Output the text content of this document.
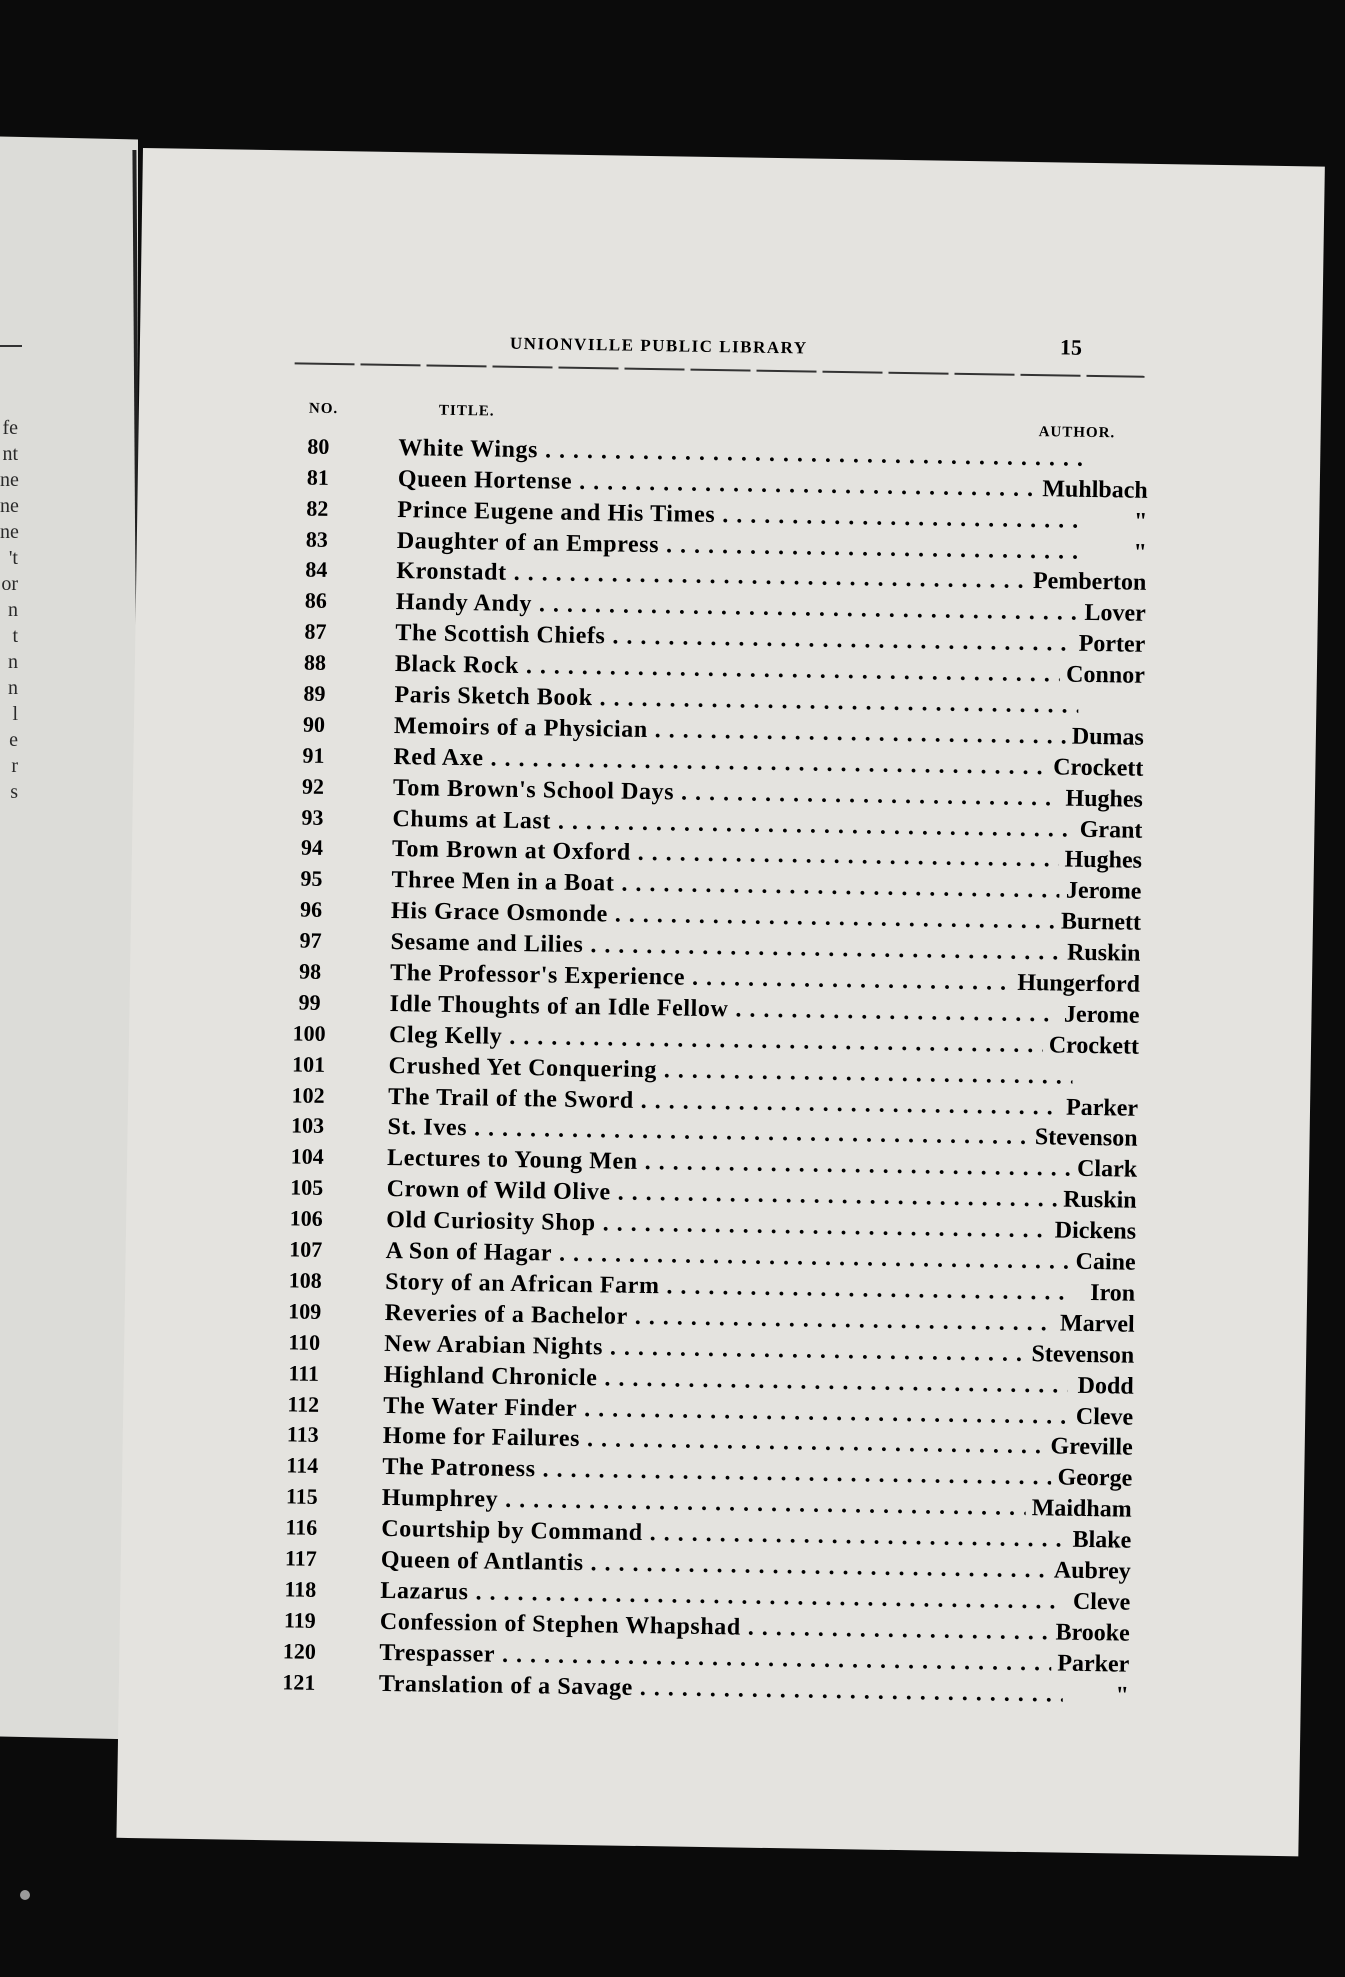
fe
nt
ne
ne
ne
't
or
n
t
n
n
l
e
r
s
UNIONVILLE PUBLIC LIBRARY	15
NO.	TITLE.
AUTHOR.
80	White Wings . . .
81	Queen Hortense . . .	Muhlbach
82	Prince Eugene and His Times . . .	"
83	Daughter of an Empress . . .	"
84	Kronstadt . . .	Pemberton
86	Handy Andy . . .	Lover
87	The Scottish Chiefs . . .	Porter
88	Black Rock . . .	Connor
89	Paris Sketch Book . . .
90	Memoirs of a Physician . . .	Dumas
91	Red Axe . . .	Crockett
92	Tom Brown's School Days . . .	Hughes
93	Chums at Last . . .	Grant
94	Tom Brown at Oxford . . .	Hughes
95	Three Men in a Boat . . .	Jerome
96	His Grace Osmonde . . .	Burnett
97	Sesame and Lilies . . .	Ruskin
98	The Professor's Experience . . .	Hungerford
99	Idle Thoughts of an Idle Fellow . . .	Jerome
100	Cleg Kelly . . .	Crockett
101	Crushed Yet Conquering . . .
102	The Trail of the Sword . . .	Parker
103	St. Ives . . .	Stevenson
104	Lectures to Young Men . . .	Clark
105	Crown of Wild Olive . . .	Ruskin
106	Old Curiosity Shop . . .	Dickens
107	A Son of Hagar . . .	Caine
108	Story of an African Farm . . .	Iron
109	Reveries of a Bachelor . . .	Marvel
110	New Arabian Nights . . .	Stevenson
111	Highland Chronicle . . .	Dodd
112	The Water Finder . . .	Cleve
113	Home for Failures . . .	Greville
114	The Patroness . . .	George
115	Humphrey . . .	Maidham
116	Courtship by Command . . .	Blake
117	Queen of Antlantis . . .	Aubrey
118	Lazarus . . .	Cleve
119	Confession of Stephen Whapshad . . .	Brooke
120	Trespasser . . .	Parker
121	Translation of a Savage . . .	"
